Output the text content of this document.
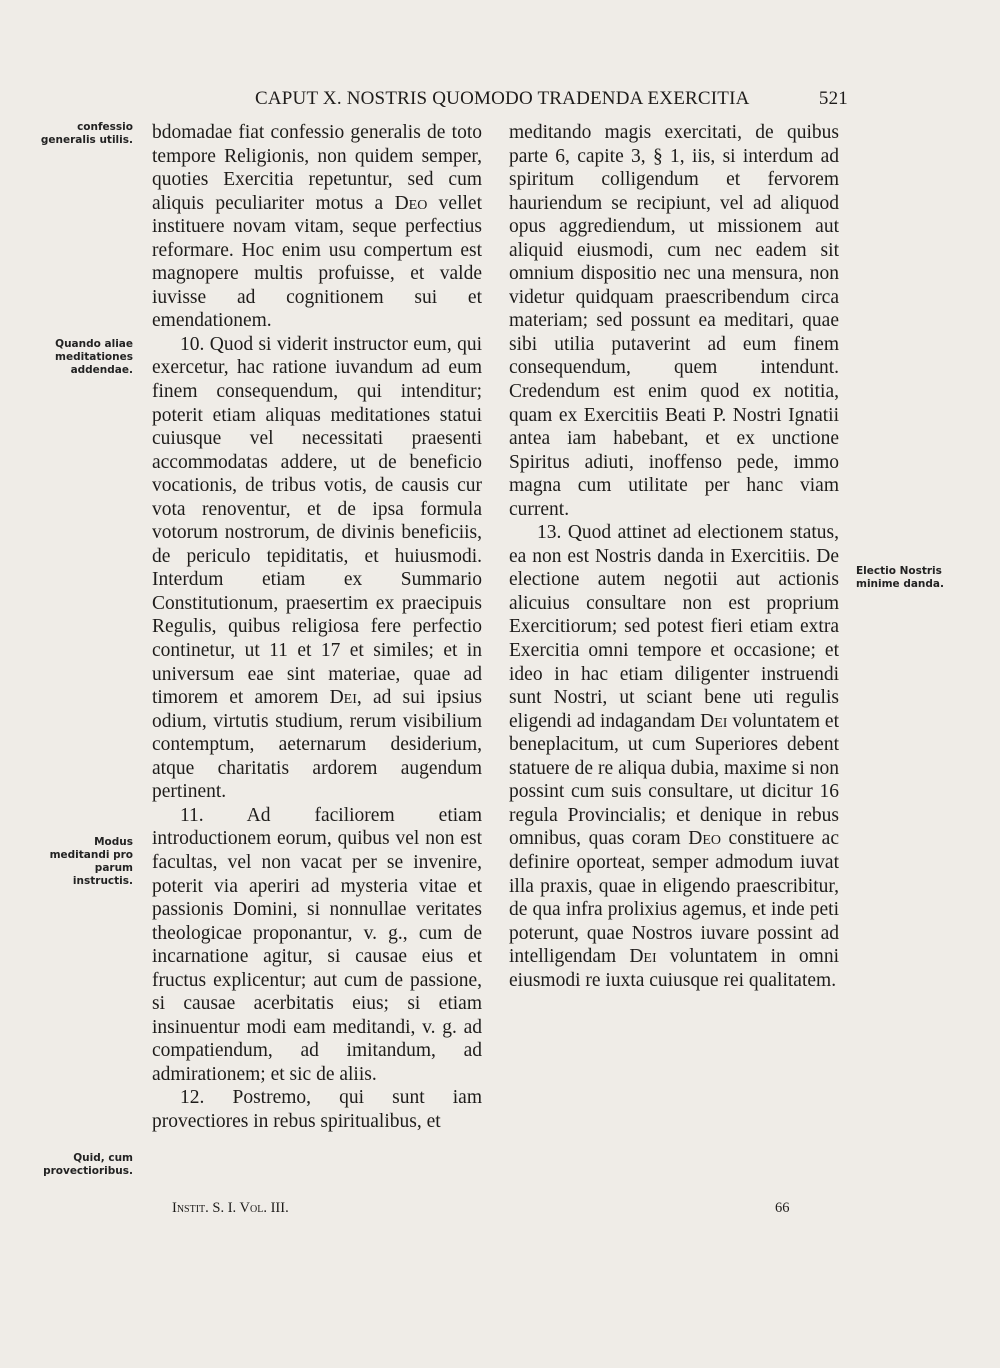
CAPUT X. NOSTRIS QUOMODO TRADENDA EXERCITIA	521
confessio generalis utilis.
Quando aliae meditationes addendae.
Modus meditandi pro parum instructis.
Quid, cum provectioribus.
Electio Nostris minime danda.

bdomadae fiat confessio generalis de toto tempore Religionis, non quidem semper, quoties Exercitia repetuntur, sed cum aliquis peculiariter motus a Deo vellet instituere novam vitam, seque perfectius reformare. Hoc enim usu compertum est magnopere multis profuisse, et valde iuvisse ad cognitionem sui et emendationem.

10. Quod si viderit instructor eum, qui exercetur, hac ratione iuvandum ad eum finem consequendum, qui intenditur; poterit etiam aliquas meditationes statui cuiusque vel necessitati praesenti accommodatas addere, ut de beneficio vocationis, de tribus votis, de causis cur vota renoventur, et de ipsa formula votorum nostrorum, de divinis beneficiis, de periculo tepiditatis, et huiusmodi. Interdum etiam ex Summario Constitutionum, praesertim ex praecipuis Regulis, quibus religiosa fere perfectio continetur, ut 11 et 17 et similes; et in universum eae sint materiae, quae ad timorem et amorem Dei, ad sui ipsius odium, virtutis studium, rerum visibilium contemptum, aeternarum desiderium, atque charitatis ardorem augendum pertinent.

11. Ad faciliorem etiam introductionem eorum, quibus vel non est facultas, vel non vacat per se invenire, poterit via aperiri ad mysteria vitae et passionis Domini, si nonnullae veritates theologicae proponantur, v. g., cum de incarnatione agitur, si causae eius et fructus explicentur; aut cum de passione, si causae acerbitatis eius; si etiam insinuentur modi eam meditandi, v. g. ad compatiendum, ad imitandum, ad admirationem; et sic de aliis.

12. Postremo, qui sunt iam provectiores in rebus spiritualibus, et

meditando magis exercitati, de quibus parte 6, capite 3, § 1, iis, si interdum ad spiritum colligendum et fervorem hauriendum se recipiunt, vel ad aliquod opus aggrediendum, ut missionem aut aliquid eiusmodi, cum nec eadem sit omnium dispositio nec una mensura, non videtur quidquam praescribendum circa materiam; sed possunt ea meditari, quae sibi utilia putaverint ad eum finem consequendum, quem intendunt. Credendum est enim quod ex notitia, quam ex Exercitiis Beati P. Nostri Ignatii antea iam habebant, et ex unctione Spiritus adiuti, inoffenso pede, immo magna cum utilitate per hanc viam current.

13. Quod attinet ad electionem status, ea non est Nostris danda in Exercitiis. De electione autem negotii aut actionis alicuius consultare non est proprium Exercitiorum; sed potest fieri etiam extra Exercitia omni tempore et occasione; et ideo in hac etiam diligenter instruendi sunt Nostri, ut sciant bene uti regulis eligendi ad indagandam Dei voluntatem et beneplacitum, ut cum Superiores debent statuere de re aliqua dubia, maxime si non possint cum suis consultare, ut dicitur 16 regula Provincialis; et denique in rebus omnibus, quas coram Deo constituere ac definire oporteat, semper admodum iuvat illa praxis, quae in eligendo praescribitur, de qua infra prolixius agemus, et inde peti poterunt, quae Nostros iuvare possint ad intelligendam Dei voluntatem in omni eiusmodi re iuxta cuiusque rei qualitatem.

Instit. S. I. Vol. III.	66
